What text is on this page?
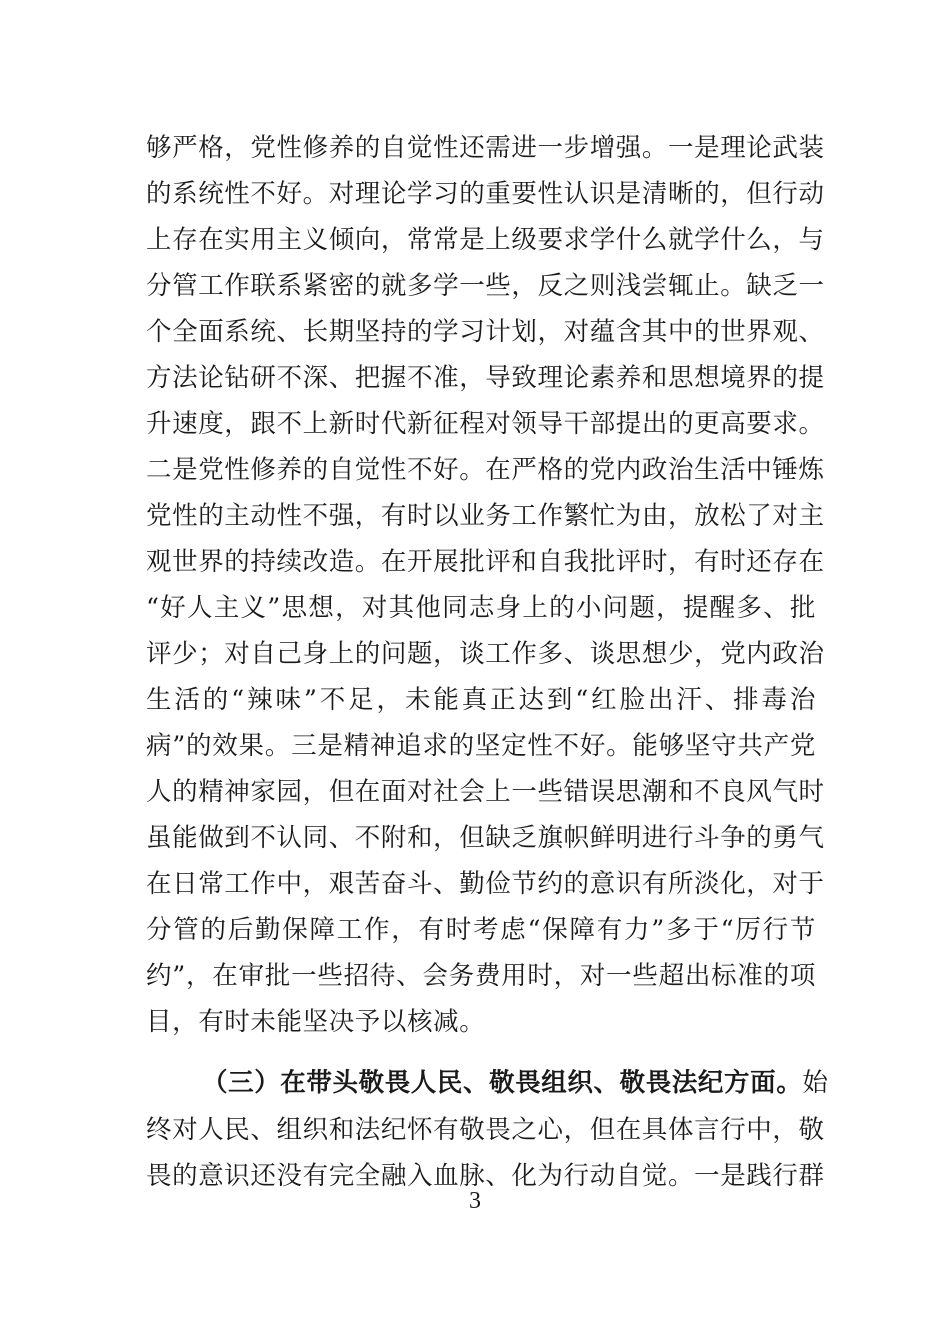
够严格，党性修养的自觉性还需进一步增强。一是理论武装
的系统性不好。对理论学习的重要性认识是清晰的，但行动
上存在实用主义倾向，常常是上级要求学什么就学什么，与
分管工作联系紧密的就多学一些，反之则浅尝辄止。缺乏一
个全面系统、长期坚持的学习计划，对蕴含其中的世界观、
方法论钻研不深、把握不准，导致理论素养和思想境界的提
升速度，跟不上新时代新征程对领导干部提出的更高要求。
二是党性修养的自觉性不好。在严格的党内政治生活中锤炼
党性的主动性不强，有时以业务工作繁忙为由，放松了对主
观世界的持续改造。在开展批评和自我批评时，有时还存在
“好人主义”思想，对其他同志身上的小问题，提醒多、批
评少；对自己身上的问题，谈工作多、谈思想少，党内政治
生活的“辣味”不足，未能真正达到“红脸出汗、排毒治
病”的效果。三是精神追求的坚定性不好。能够坚守共产党
人的精神家园，但在面对社会上一些错误思潮和不良风气时
虽能做到不认同、不附和，但缺乏旗帜鲜明进行斗争的勇气
在日常工作中，艰苦奋斗、勤俭节约的意识有所淡化，对于
分管的后勤保障工作，有时考虑“保障有力”多于“厉行节
约”，在审批一些招待、会务费用时，对一些超出标准的项
目，有时未能坚决予以核减。
（三）在带头敬畏人民、敬畏组织、敬畏法纪方面。始
终对人民、组织和法纪怀有敬畏之心，但在具体言行中，敬
畏的意识还没有完全融入血脉、化为行动自觉。一是践行群
3
